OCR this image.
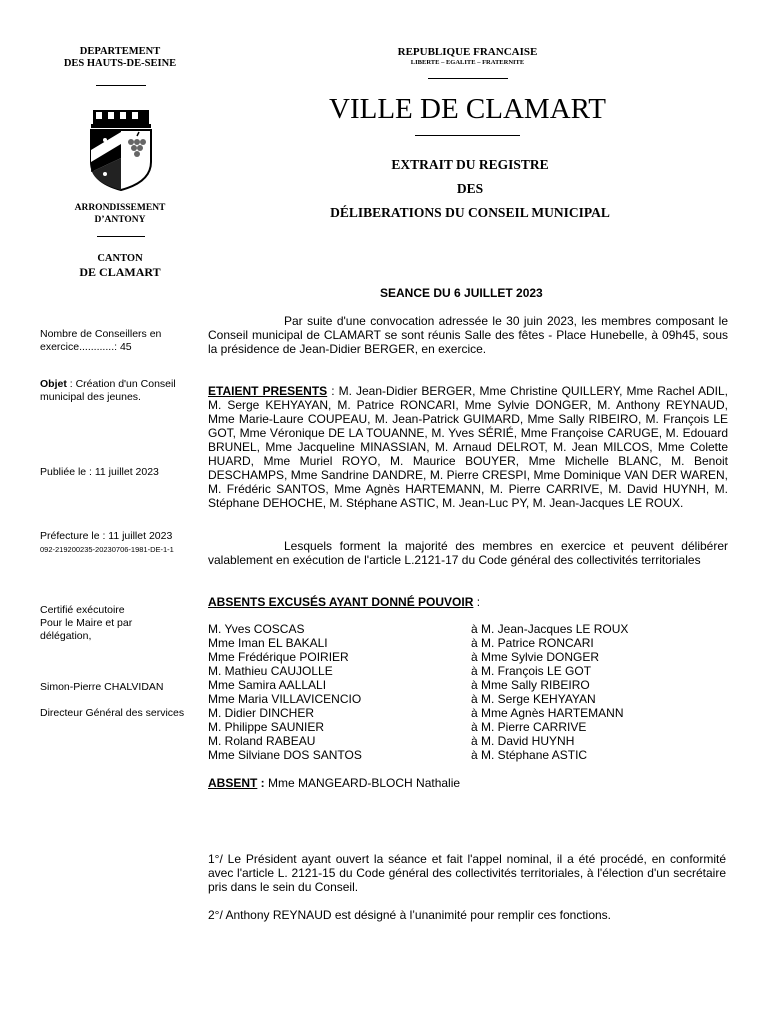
DEPARTEMENT
DES HAUTS-DE-SEINE
ARRONDISSEMENT
D’ANTONY
CANTON
DE CLAMART
REPUBLIQUE FRANCAISE
LIBERTE – EGALITE – FRATERNITE
VILLE DE CLAMART
EXTRAIT DU REGISTRE
DES
DÉLIBERATIONS DU CONSEIL MUNICIPAL
SEANCE DU 6 JUILLET 2023
Nombre de Conseillers en
exercice............: 45
Objet : Création d'un Conseil
municipal des jeunes.
Publiée le : 11 juillet 2023
Préfecture le : 11 juillet 2023
092-219200235-20230706-1981-DE-1-1
Certifié exécutoire
Pour le Maire et par
délégation,
Simon-Pierre CHALVIDAN
Directeur Général des services
Par suite d'une convocation adressée le 30 juin 2023, les membres composant le Conseil municipal de CLAMART se sont réunis Salle des fêtes - Place Hunebelle, à 09h45, sous la présidence de Jean-Didier BERGER, en exercice.
ETAIENT PRESENTS : M. Jean-Didier BERGER, Mme Christine QUILLERY, Mme Rachel ADIL, M. Serge KEHYAYAN, M. Patrice RONCARI, Mme Sylvie DONGER, M. Anthony REYNAUD, Mme Marie-Laure COUPEAU, M. Jean-Patrick GUIMARD, Mme Sally RIBEIRO, M. François LE GOT, Mme Véronique DE LA TOUANNE, M. Yves SÉRIÉ, Mme Françoise CARUGE, M. Edouard BRUNEL, Mme Jacqueline MINASSIAN, M. Arnaud DELROT, M. Jean MILCOS, Mme Colette HUARD, Mme Muriel ROYO, M. Maurice BOUYER, Mme Michelle BLANC, M. Benoit DESCHAMPS, Mme Sandrine DANDRE, M. Pierre CRESPI, Mme Dominique VAN DER WAREN, M. Frédéric SANTOS, Mme Agnès HARTEMANN, M. Pierre CARRIVE, M. David HUYNH, M. Stéphane DEHOCHE, M. Stéphane ASTIC, M. Jean-Luc PY, M. Jean-Jacques LE ROUX.
Lesquels forment la majorité des membres en exercice et peuvent délibérer valablement en exécution de l'article L.2121-17 du Code général des collectivités territoriales
ABSENTS EXCUSÉS AYANT DONNÉ POUVOIR :
M. Yves COSCAS	à M. Jean-Jacques LE ROUX
Mme Iman EL BAKALI	à M. Patrice RONCARI
Mme Frédérique POIRIER	à Mme Sylvie DONGER
M. Mathieu CAUJOLLE	à M. François LE GOT
Mme Samira AALLALI	à Mme Sally RIBEIRO
Mme Maria VILLAVICENCIO	à M. Serge KEHYAYAN
M. Didier DINCHER	à Mme Agnès HARTEMANN
M. Philippe SAUNIER	à M. Pierre CARRIVE
M. Roland RABEAU	à M. David HUYNH
Mme Silviane DOS SANTOS	à M. Stéphane ASTIC
ABSENT : Mme MANGEARD-BLOCH Nathalie
1°/ Le Président ayant ouvert la séance et fait l'appel nominal, il a été procédé, en conformité avec l'article L. 2121-15 du Code général des collectivités territoriales, à l'élection d'un secrétaire pris dans le sein du Conseil.
2°/ Anthony REYNAUD est désigné à l’unanimité pour remplir ces fonctions.
